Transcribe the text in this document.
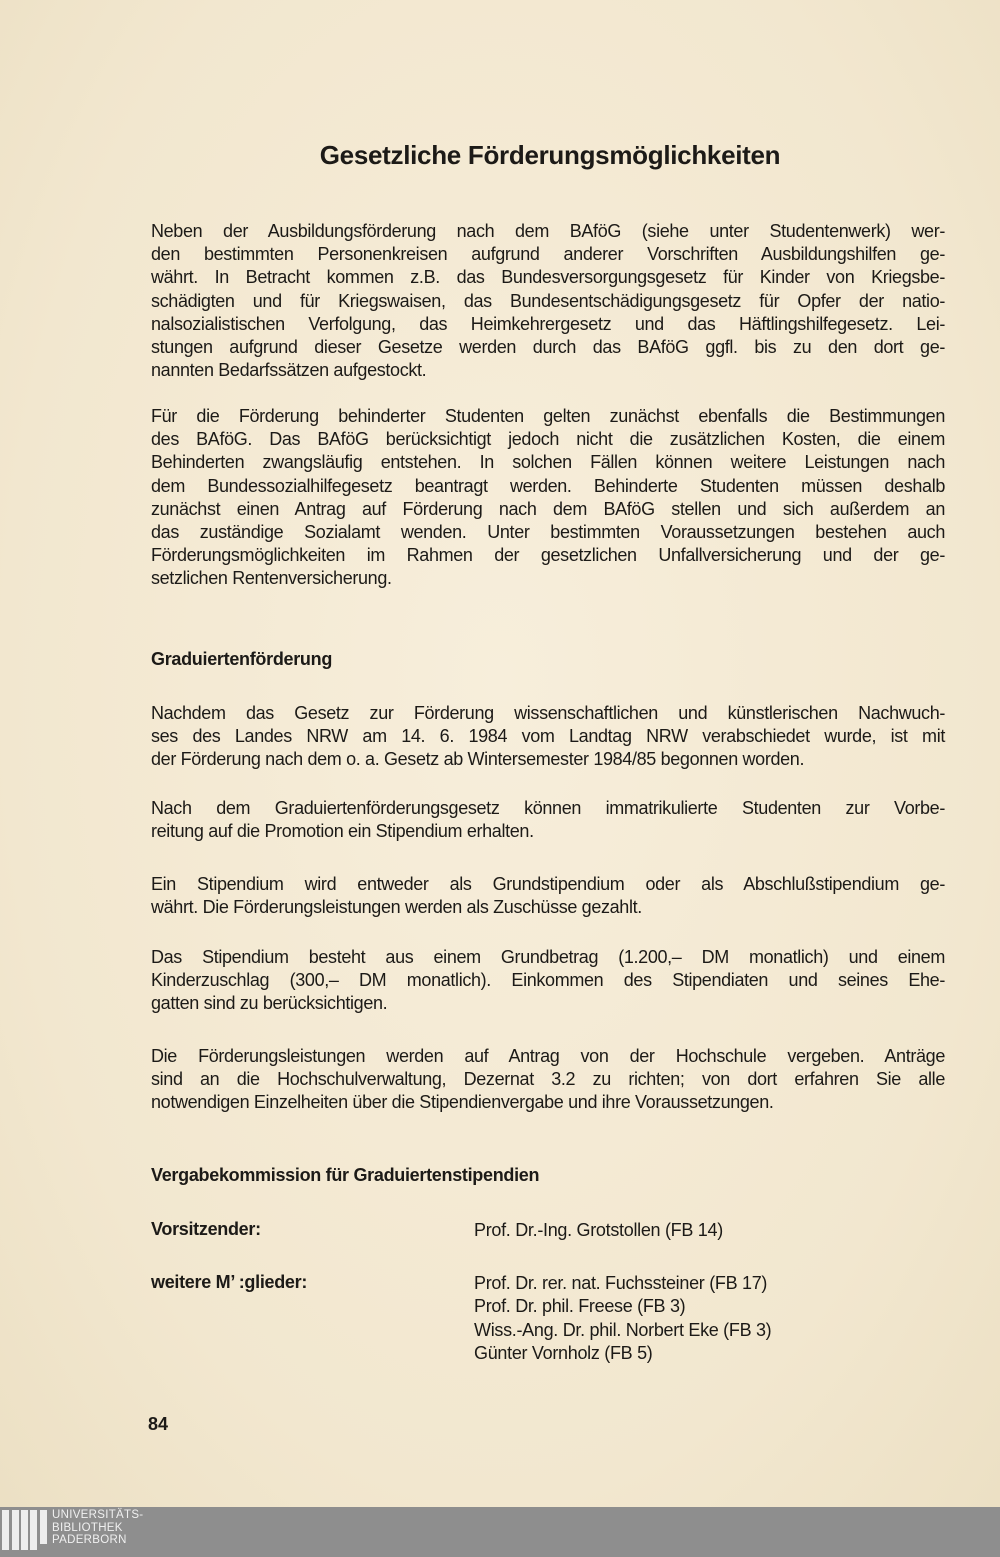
Gesetzliche Förderungsmöglichkeiten
Neben der Ausbildungsförderung nach dem BAföG (siehe unter Studentenwerk) wer-
den bestimmten Personenkreisen aufgrund anderer Vorschriften Ausbildungshilfen ge-
währt. In Betracht kommen z.B. das Bundesversorgungsgesetz für Kinder von Kriegsbe-
schädigten und für Kriegswaisen, das Bundesentschädigungsgesetz für Opfer der natio-
nalsozialistischen Verfolgung, das Heimkehrergesetz und das Häftlingshilfegesetz. Lei-
stungen aufgrund dieser Gesetze werden durch das BAföG ggfl. bis zu den dort ge-
nannten Bedarfssätzen aufgestockt.
Für die Förderung behinderter Studenten gelten zunächst ebenfalls die Bestimmungen
des BAföG. Das BAföG berücksichtigt jedoch nicht die zusätzlichen Kosten, die einem
Behinderten zwangsläufig entstehen. In solchen Fällen können weitere Leistungen nach
dem Bundessozialhilfegesetz beantragt werden. Behinderte Studenten müssen deshalb
zunächst einen Antrag auf Förderung nach dem BAföG stellen und sich außerdem an
das zuständige Sozialamt wenden. Unter bestimmten Voraussetzungen bestehen auch
Förderungsmöglichkeiten im Rahmen der gesetzlichen Unfallversicherung und der ge-
setzlichen Rentenversicherung.
Graduiertenförderung
Nachdem das Gesetz zur Förderung wissenschaftlichen und künstlerischen Nachwuch-
ses des Landes NRW am 14. 6. 1984 vom Landtag NRW verabschiedet wurde, ist mit
der Förderung nach dem o. a. Gesetz ab Wintersemester 1984/85 begonnen worden.
Nach dem Graduiertenförderungsgesetz können immatrikulierte Studenten zur Vorbe-
reitung auf die Promotion ein Stipendium erhalten.
Ein Stipendium wird entweder als Grundstipendium oder als Abschlußstipendium ge-
währt. Die Förderungsleistungen werden als Zuschüsse gezahlt.
Das Stipendium besteht aus einem Grundbetrag (1.200,– DM monatlich) und einem
Kinderzuschlag (300,– DM monatlich). Einkommen des Stipendiaten und seines Ehe-
gatten sind zu berücksichtigen.
Die Förderungsleistungen werden auf Antrag von der Hochschule vergeben. Anträge
sind an die Hochschulverwaltung, Dezernat 3.2 zu richten; von dort erfahren Sie alle
notwendigen Einzelheiten über die Stipendienvergabe und ihre Voraussetzungen.
Vergabekommission für Graduiertenstipendien
Vorsitzender:	Prof. Dr.-Ing. Grotstollen (FB 14)
weitere M’ :glieder:	Prof. Dr. rer. nat. Fuchssteiner (FB 17)
Prof. Dr. phil. Freese (FB 3)
Wiss.-Ang. Dr. phil. Norbert Eke (FB 3)
Günter Vornholz (FB 5)
84
UNIVERSITÄTS-
BIBLIOTHEK
PADERBORN
